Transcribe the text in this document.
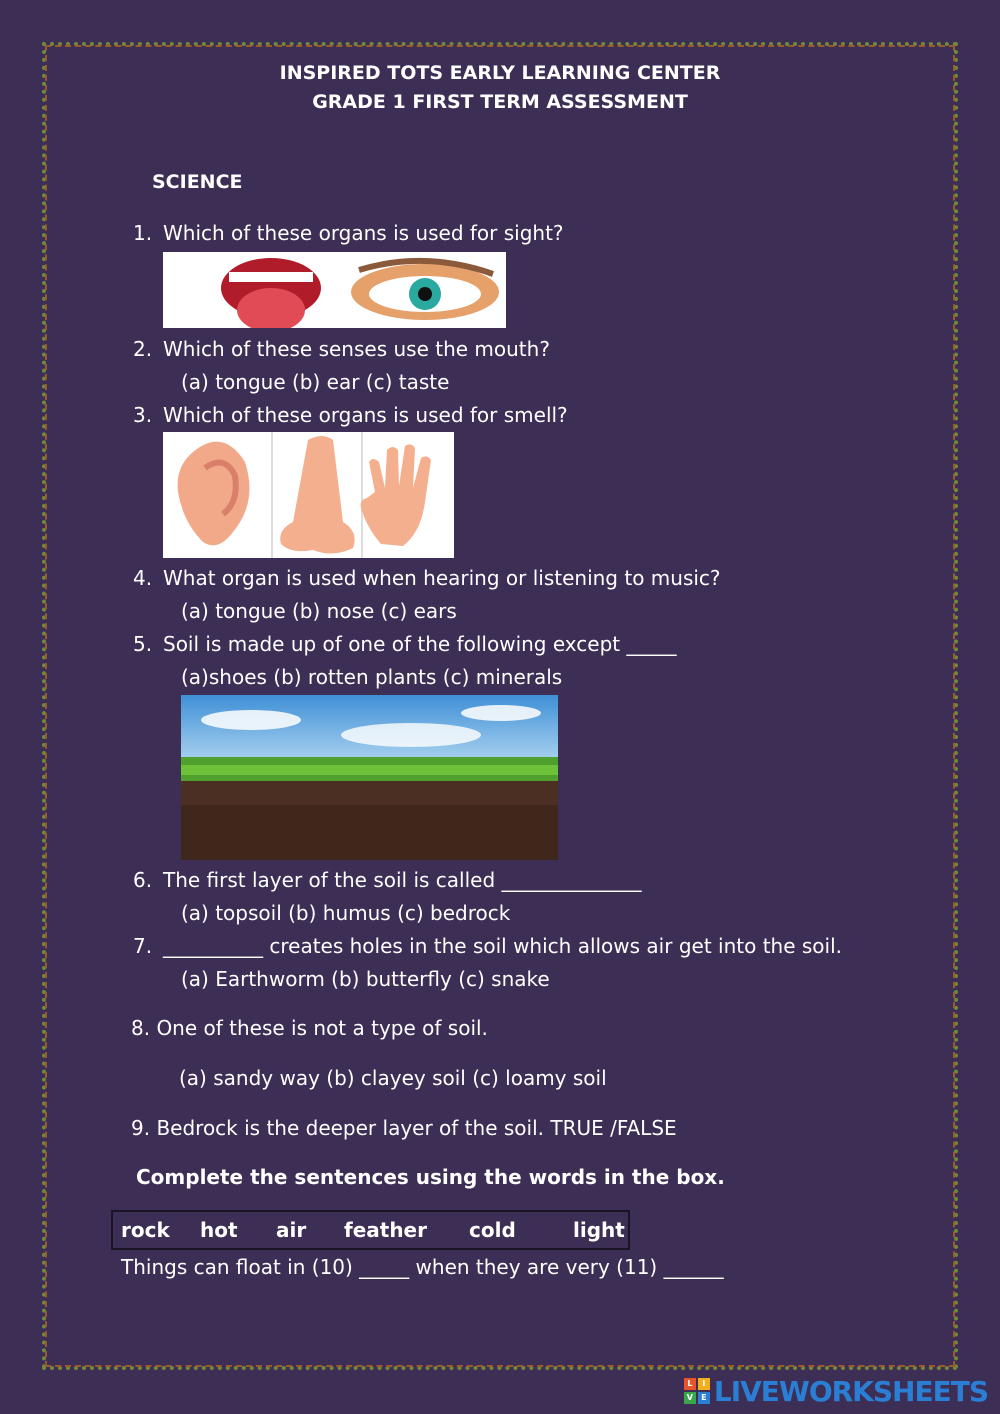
INSPIRED TOTS EARLY LEARNING CENTER
GRADE 1 FIRST TERM ASSESSMENT
SCIENCE
1. Which of these organs is used for sight?
2. Which of these senses use the mouth?
(a) tongue (b) ear (c) taste
3. Which of these organs is used for smell?
4. What organ is used when hearing or listening to music?
(a) tongue (b) nose (c) ears
5. Soil is made up of one of the following except _____
(a)shoes (b) rotten plants (c) minerals
6. The first layer of the soil is called ______________
(a) topsoil (b) humus (c) bedrock
7. __________ creates holes in the soil which allows air get into the soil.
(a) Earthworm (b) butterfly (c) snake
8. One of these is not a type of soil.
(a) sandy way (b) clayey soil (c) loamy soil
9. Bedrock is the deeper layer of the soil. TRUE /FALSE
Complete the sentences using the words in the box.
rock hot air feather cold	light
Things can float in (10) _____ when they are very (11) ______
L	I
V	E LIVEWORKSHEETS
